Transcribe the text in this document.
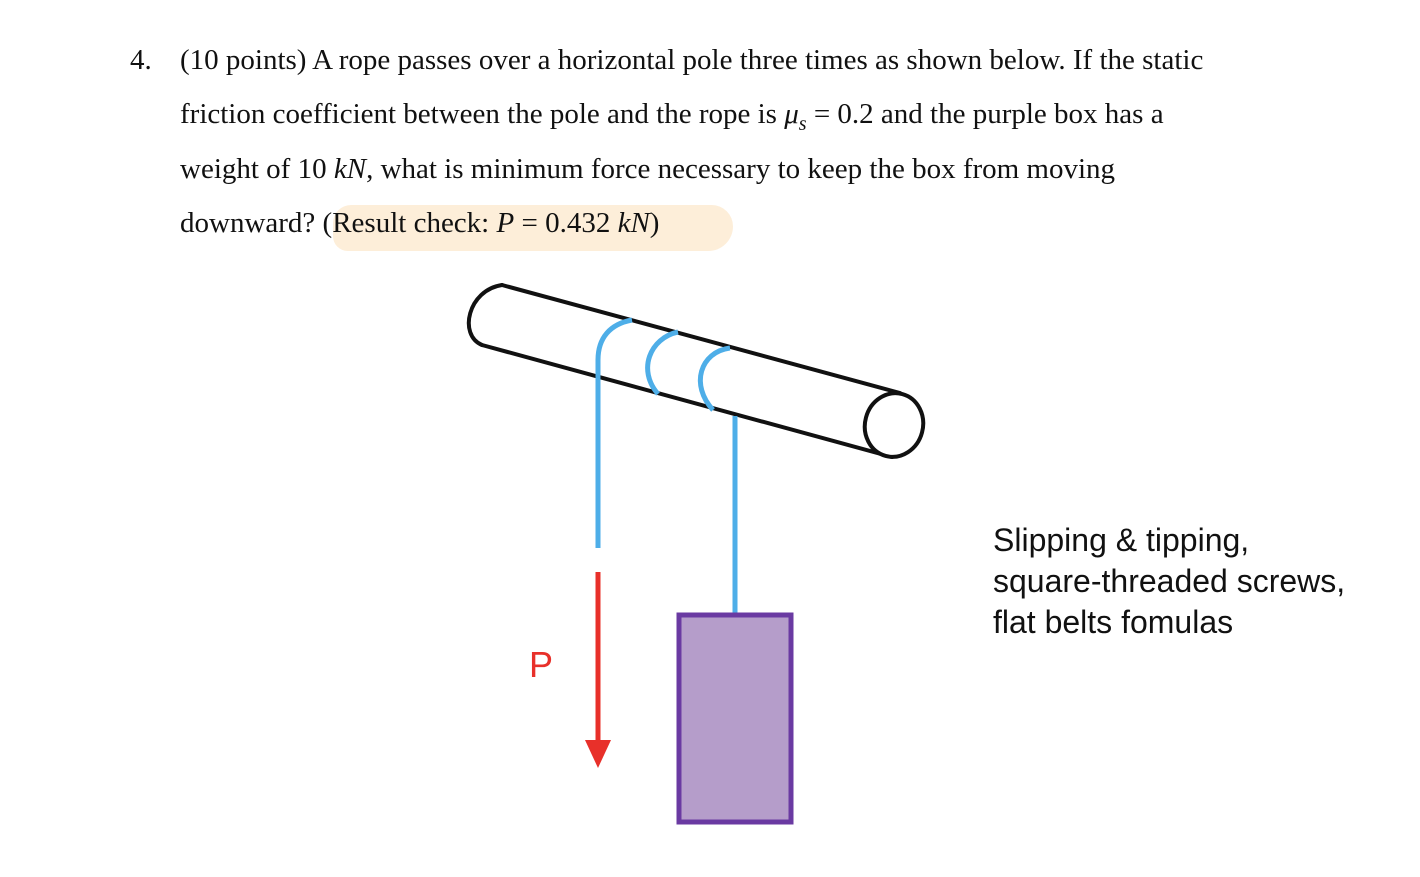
4. (10 points) A rope passes over a horizontal pole three times as shown below. If the static
friction coefficient between the pole and the rope is $\mu_s = 0.2$ and the purple box has a
weight of 10 kN, what is minimum force necessary to keep the box from moving
downward? (Result check: P = 0.432 kN)
P
Slipping & tipping,
square-threaded screws,
flat belts fomulas
